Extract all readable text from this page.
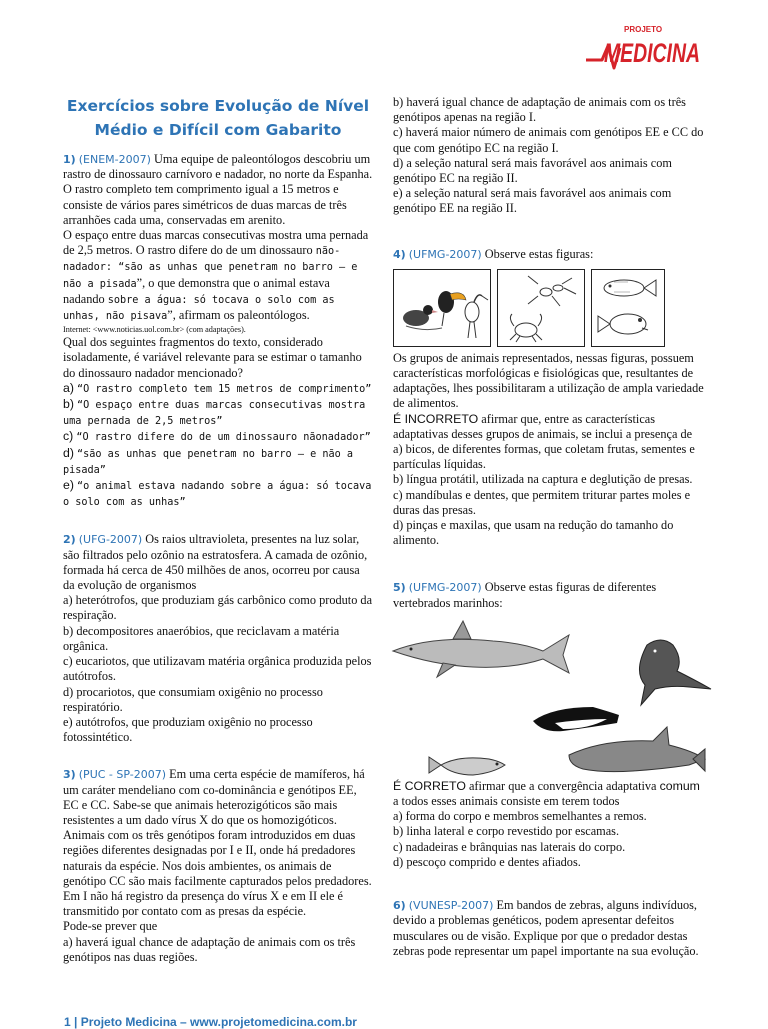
PROJETO
MEDICINA
Exercícios sobre Evolução de Nível Médio e Difícil com Gabarito

1) (ENEM-2007) Uma equipe de paleontólogos descobriu um rastro de dinossauro carnívoro e nadador, no norte da Espanha.

O rastro completo tem comprimento igual a 15 metros e consiste de vários pares simétricos de duas marcas de três arranhões cada uma, conservadas em arenito.

O espaço entre duas marcas consecutivas mostra uma pernada de 2,5 metros. O rastro difere do de um dinossauro não-nadador: “são as unhas que penetram no barro — e não a pisada”, o que demonstra que o animal estava nadando sobre a água: só tocava o solo com as unhas, não pisava”, afirmam os paleontólogos.

Internet: <www.noticias.uol.com.br> (com adaptações).

Qual dos seguintes fragmentos do texto, considerado isoladamente, é variável relevante para se estimar o tamanho do dinossauro nadador mencionado?

a) “O rastro completo tem 15 metros de comprimento”

b) “O espaço entre duas marcas consecutivas mostra uma pernada de 2,5 metros”

c) “O rastro difere do de um dinossauro nãonadador”

d) “são as unhas que penetram no barro — e não a pisada”

e) “o animal estava nadando sobre a água: só tocava o solo com as unhas”

2) (UFG-2007) Os raios ultravioleta, presentes na luz solar, são filtrados pelo ozônio na estratosfera. A camada de ozônio, formada há cerca de 450 milhões de anos, ocorreu por causa da evolução de organismos

a) heterótrofos, que produziam gás carbônico como produto da respiração.

b) decompositores anaeróbios, que reciclavam a matéria orgânica.

c) eucariotos, que utilizavam matéria orgânica produzida pelos autótrofos.

d) procariotos, que consumiam oxigênio no processo respiratório.

e) autótrofos, que produziam oxigênio no processo fotossintético.

3) (PUC - SP-2007) Em uma certa espécie de mamíferos, há um caráter mendeliano com co-dominância e genótipos EE, EC e CC. Sabe-se que animais heterozigóticos são mais resistentes a um dado vírus X do que os homozigóticos. Animais com os três genótipos foram introduzidos em duas regiões diferentes designadas por I e II, onde há predadores naturais da espécie. Nos dois ambientes, os animais de genótipo CC são mais facilmente capturados pelos predadores. Em I não há registro da presença do vírus X e em II ele é transmitido por contato com as presas da espécie.

Pode-se prever que

a) haverá igual chance de adaptação de animais com os três genótipos nas duas regiões.

b) haverá igual chance de adaptação de animais com os três genótipos apenas na região I.

c) haverá maior número de animais com genótipos EE e CC do que com genótipo EC na região I.

d) a seleção natural será mais favorável aos animais com genótipo EC na região II.

e) a seleção natural será mais favorável aos animais com genótipo EE na região II.

4) (UFMG-2007) Observe estas figuras:

Os grupos de animais representados, nessas figuras, possuem características morfológicas e fisiológicas que, resultantes de adaptações, lhes possibilitaram a utilização de ampla variedade de alimentos.

É INCORRETO afirmar que, entre as características adaptativas desses grupos de animais, se inclui a presença de

a) bicos, de diferentes formas, que coletam frutas, sementes e partículas líquidas.

b) língua protátil, utilizada na captura e deglutição de presas.

c) mandíbulas e dentes, que permitem triturar partes moles e duras das presas.

d) pinças e maxilas, que usam na redução do tamanho do alimento.

5) (UFMG-2007) Observe estas figuras de diferentes vertebrados marinhos:

É CORRETO afirmar que a convergência adaptativa comum a todos esses animais consiste em terem todos

a) forma do corpo e membros semelhantes a remos.

b) linha lateral e corpo revestido por escamas.

c) nadadeiras e brânquias nas laterais do corpo.

d) pescoço comprido e dentes afiados.

6) (VUNESP-2007) Em bandos de zebras, alguns indivíduos, devido a problemas genéticos, podem apresentar defeitos musculares ou de visão. Explique por que o predador destas zebras pode representar um papel importante na sua evolução.

1 | Projeto Medicina – www.projetomedicina.com.br
